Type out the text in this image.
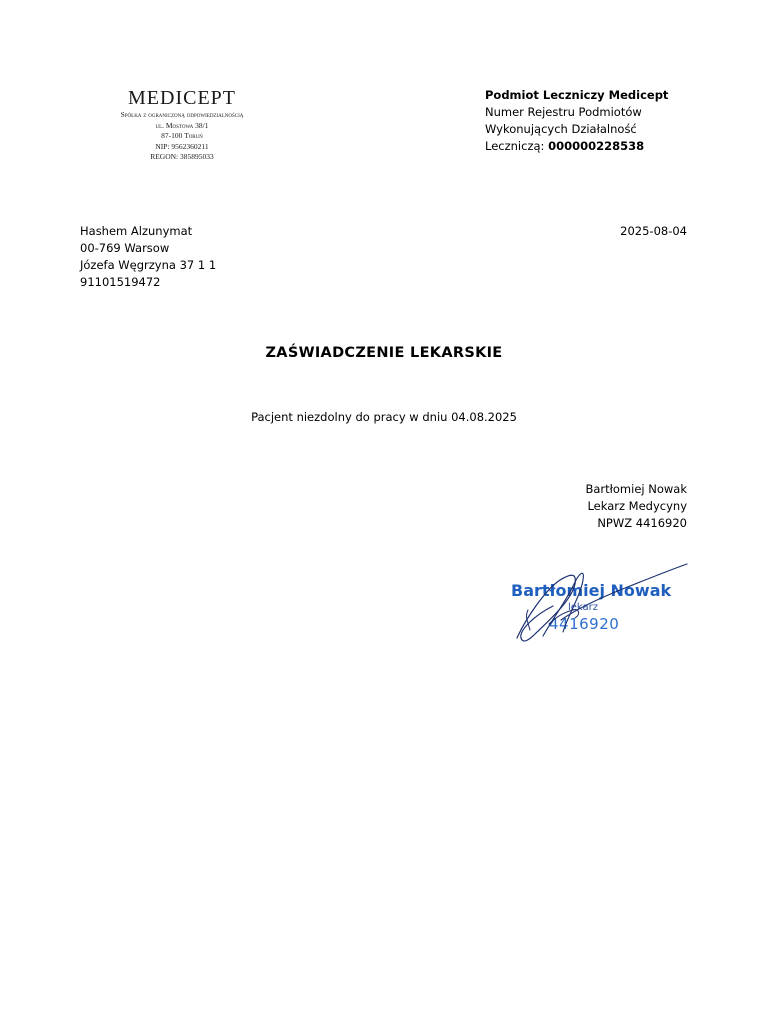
MEDICEPT
Spółka z ograniczoną odpowiedzialnością
ul. Mostowa 38/1
87-100 Toruń
NIP: 9562360211
REGON: 385895033
Podmiot Leczniczy Medicept
Numer Rejestru Podmiotów
Wykonujących Działalność
Leczniczą: 000000228538
Hashem Alzunymat
00-769 Warsow
Józefa Węgrzyna 37 1 1
91101519472
2025-08-04
ZAŚWIADCZENIE LEKARSKIE
Pacjent niezdolny do pracy w dniu 04.08.2025
Bartłomiej Nowak
Lekarz Medycyny
NPWZ 4416920
Bartłomiej Nowak
lekarz
4416920
